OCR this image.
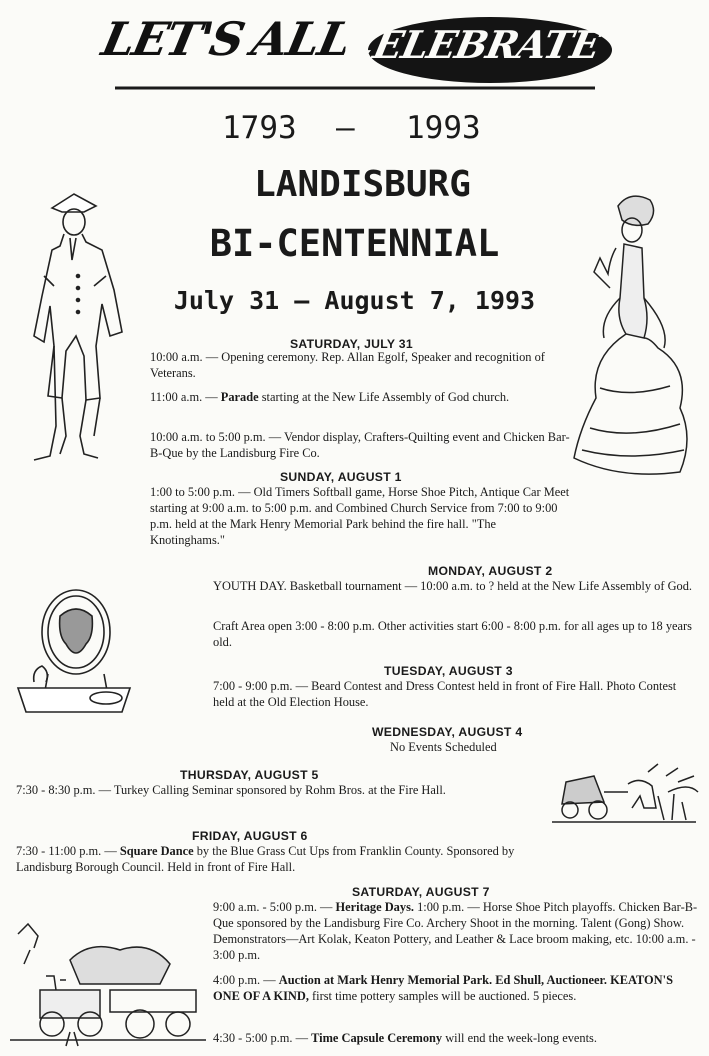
LET'S ALL
CELEBRATE
1793 — 1993
LANDISBURG
BI-CENTENNIAL
July 31 — August 7, 1993
SATURDAY, JULY 31
10:00 a.m. — Opening ceremony. Rep. Allan Egolf, Speaker and recognition of Veterans.
11:00 a.m. — Parade starting at the New Life Assembly of God church.
10:00 a.m. to 5:00 p.m. — Vendor display, Crafters-Quilting event and Chicken Bar-B-Que by the Landisburg Fire Co.
SUNDAY, AUGUST 1
1:00 to 5:00 p.m. — Old Timers Softball game, Horse Shoe Pitch, Antique Car Meet starting at 9:00 a.m. to 5:00 p.m. and Combined Church Service from 7:00 to 9:00 p.m. held at the Mark Henry Memorial Park behind the fire hall. "The Knotinghams."
MONDAY, AUGUST 2
YOUTH DAY. Basketball tournament — 10:00 a.m. to ? held at the New Life Assembly of God.
Craft Area open 3:00 - 8:00 p.m. Other activities start 6:00 - 8:00 p.m. for all ages up to 18 years old.
TUESDAY, AUGUST 3
7:00 - 9:00 p.m. — Beard Contest and Dress Contest held in front of Fire Hall. Photo Contest held at the Old Election House.
WEDNESDAY, AUGUST 4
No Events Scheduled
THURSDAY, AUGUST 5
7:30 - 8:30 p.m. — Turkey Calling Seminar sponsored by Rohm Bros. at the Fire Hall.
FRIDAY, AUGUST 6
7:30 - 11:00 p.m. — Square Dance by the Blue Grass Cut Ups from Franklin County. Sponsored by Landisburg Borough Council. Held in front of Fire Hall.
SATURDAY, AUGUST 7
9:00 a.m. - 5:00 p.m. — Heritage Days. 1:00 p.m. — Horse Shoe Pitch playoffs. Chicken Bar-B-Que sponsored by the Landisburg Fire Co. Archery Shoot in the morning. Talent (Gong) Show. Demonstrators—Art Kolak, Keaton Pottery, and Leather & Lace broom making, etc. 10:00 a.m. - 3:00 p.m.
4:00 p.m. — Auction at Mark Henry Memorial Park. Ed Shull, Auctioneer. KEATON'S ONE OF A KIND, first time pottery samples will be auctioned. 5 pieces.
4:30 - 5:00 p.m. — Time Capsule Ceremony will end the week-long events.
